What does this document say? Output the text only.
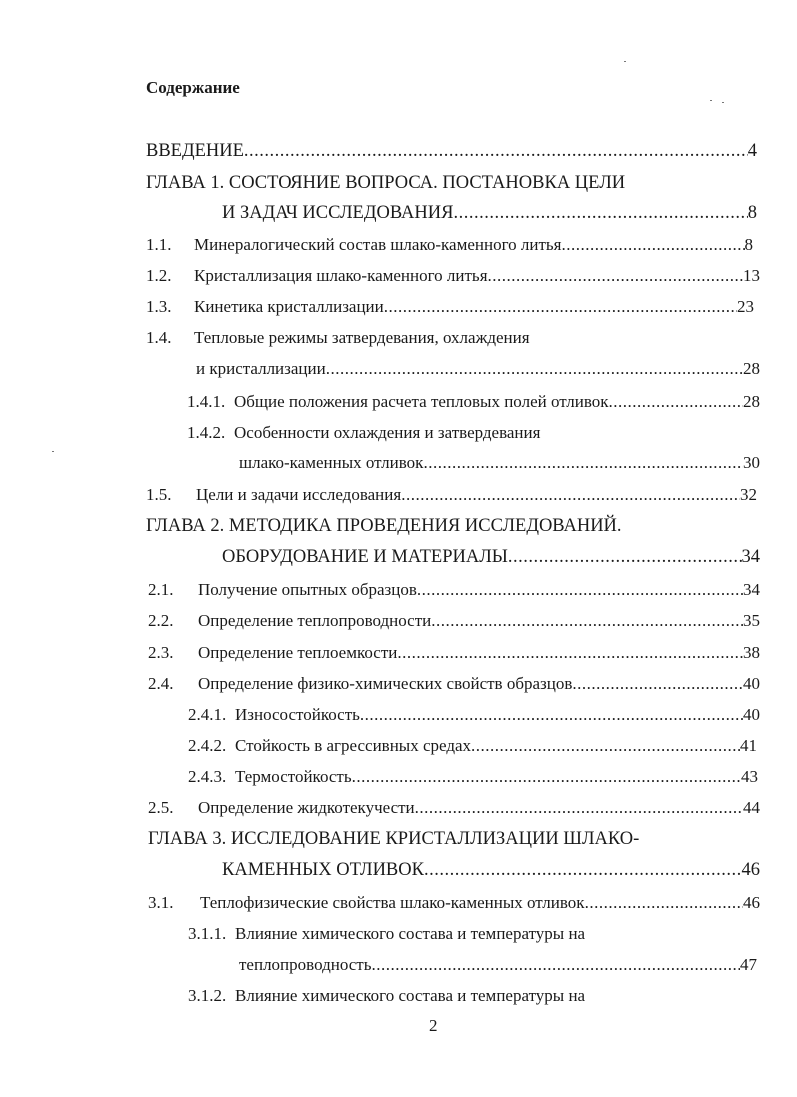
Содержание
ВВЕДЕНИЕ .....	4
ГЛАВА 1. СОСТОЯНИЕ ВОПРОСА. ПОСТАНОВКА ЦЕЛИ
И ЗАДАЧ ИССЛЕДОВАНИЯ .....	8
1.1.	Минералогический состав шлако-каменного литья .....	8
1.2.	Кристаллизация шлако-каменного литья .....	13
1.3.	Кинетика кристаллизации .....	23
1.4. Тепловые режимы затвердевания, охлаждения
и кристаллизации .....	28
1.4.1. Общие положения расчета тепловых полей отливок .....	28
1.4.2. Особенности охлаждения и затвердевания
шлако-каменных отливок .....	30
1.5.	Цели и задачи исследования .....	32
ГЛАВА 2. МЕТОДИКА ПРОВЕДЕНИЯ ИССЛЕДОВАНИЙ.
ОБОРУДОВАНИЕ И МАТЕРИАЛЫ .....	34
2.1.	Получение опытных образцов .....	34
2.2.	Определение теплопроводности .....	35
2.3.	Определение теплоемкости .....	38
2.4.	Определение физико-химических свойств образцов .....	40
2.4.1. Износостойкость .....	40
2.4.2. Стойкость в агрессивных средах .....	41
2.4.3. Термостойкость .....	43
2.5.	Определение жидкотекучести .....	44
ГЛАВА 3. ИССЛЕДОВАНИЕ КРИСТАЛЛИЗАЦИИ ШЛАКО-
КАМЕННЫХ ОТЛИВОК .....	46
3.1.	Теплофизические свойства шлако-каменных отливок .....	46
3.1.1. Влияние химического состава и температуры на
теплопроводность .....	47
3.1.2. Влияние химического состава и температуры на
2
